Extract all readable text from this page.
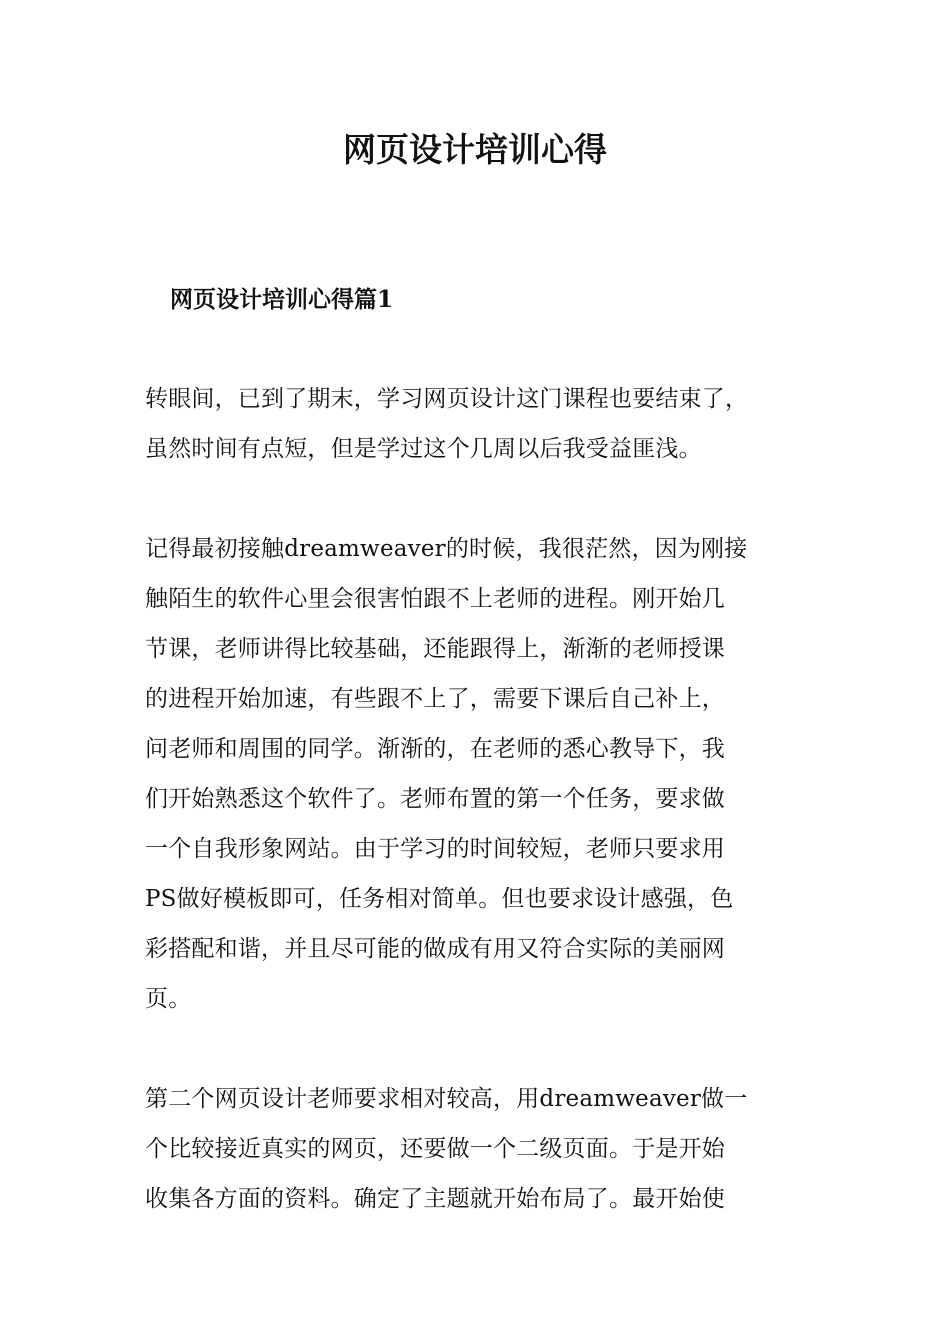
网页设计培训心得
网页设计培训心得篇1

转眼间，已到了期末，学习网页设计这门课程也要结束了，
虽然时间有点短，但是学过这个几周以后我受益匪浅。

记得最初接触dreamweaver的时候，我很茫然，因为刚接
触陌生的软件心里会很害怕跟不上老师的进程。刚开始几
节课，老师讲得比较基础，还能跟得上，渐渐的老师授课
的进程开始加速，有些跟不上了，需要下课后自己补上，
问老师和周围的同学。渐渐的，在老师的悉心教导下，我
们开始熟悉这个软件了。老师布置的第一个任务，要求做
一个自我形象网站。由于学习的时间较短，老师只要求用
PS做好模板即可，任务相对简单。但也要求设计感强，色
彩搭配和谐，并且尽可能的做成有用又符合实际的美丽网
页。

第二个网页设计老师要求相对较高，用dreamweaver做一
个比较接近真实的网页，还要做一个二级页面。于是开始
收集各方面的资料。确定了主题就开始布局了。最开始使
